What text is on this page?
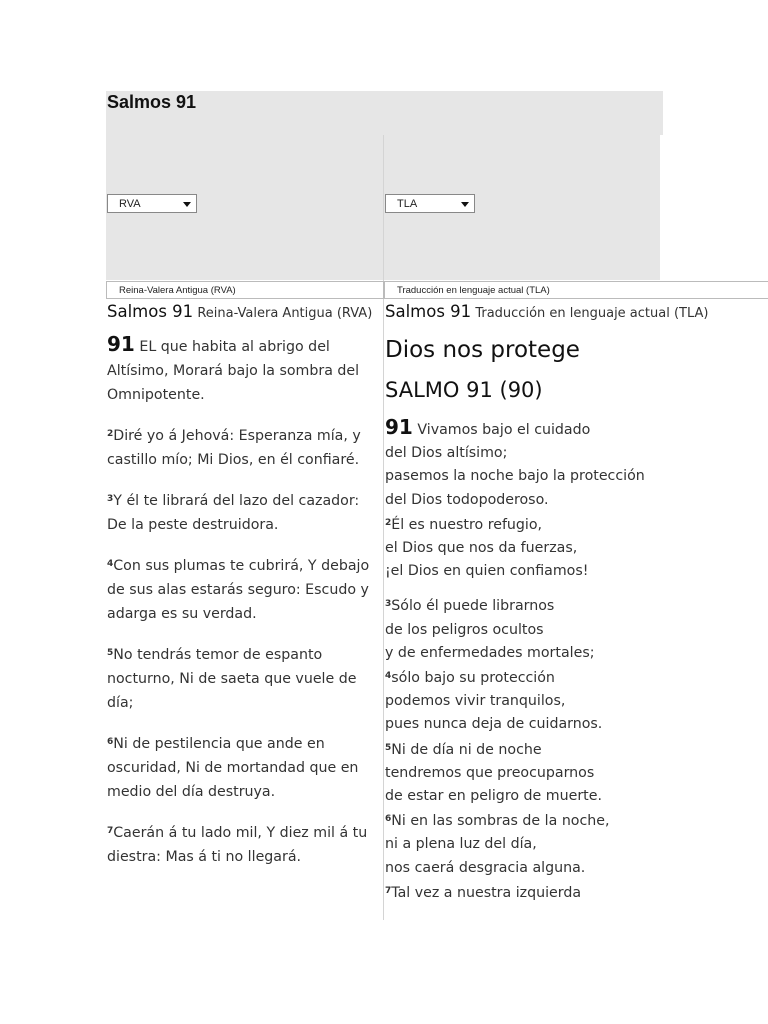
Salmos 91
RVA	TLA
Reina-Valera Antigua (RVA)	Traducción en lenguaje actual (TLA)
Salmos 91 Reina-Valera Antigua (RVA)

91 EL que habita al abrigo del Altísimo, Morará bajo la sombra del Omnipotente.

$^2$Diré yo á Jehová: Esperanza mía, y castillo mío; Mi Dios, en él confiaré.

$^3$Y él te librará del lazo del cazador: De la peste destruidora.

$^4$Con sus plumas te cubrirá, Y debajo de sus alas estarás seguro: Escudo y adarga es su verdad.

$^5$No tendrás temor de espanto nocturno, Ni de saeta que vuele de día;

$^6$Ni de pestilencia que ande en oscuridad, Ni de mortandad que en medio del día destruya.

$^7$Caerán á tu lado mil, Y diez mil á tu diestra: Mas á ti no llegará.

Salmos 91 Traducción en lenguaje actual (TLA)
Dios nos protege
SALMO 91 (90)
91 Vivamos bajo el cuidado
del Dios altísimo;
pasemos la noche bajo la protección
del Dios todopoderoso.
$^2$Él es nuestro refugio,
el Dios que nos da fuerzas,
¡el Dios en quien confiamos!
$^3$Sólo él puede librarnos
de los peligros ocultos
y de enfermedades mortales;
$^4$sólo bajo su protección
podemos vivir tranquilos,
pues nunca deja de cuidarnos.
$^5$Ni de día ni de noche
tendremos que preocuparnos
de estar en peligro de muerte.
$^6$Ni en las sombras de la noche,
ni a plena luz del día,
nos caerá desgracia alguna.
$^7$Tal vez a nuestra izquierda
